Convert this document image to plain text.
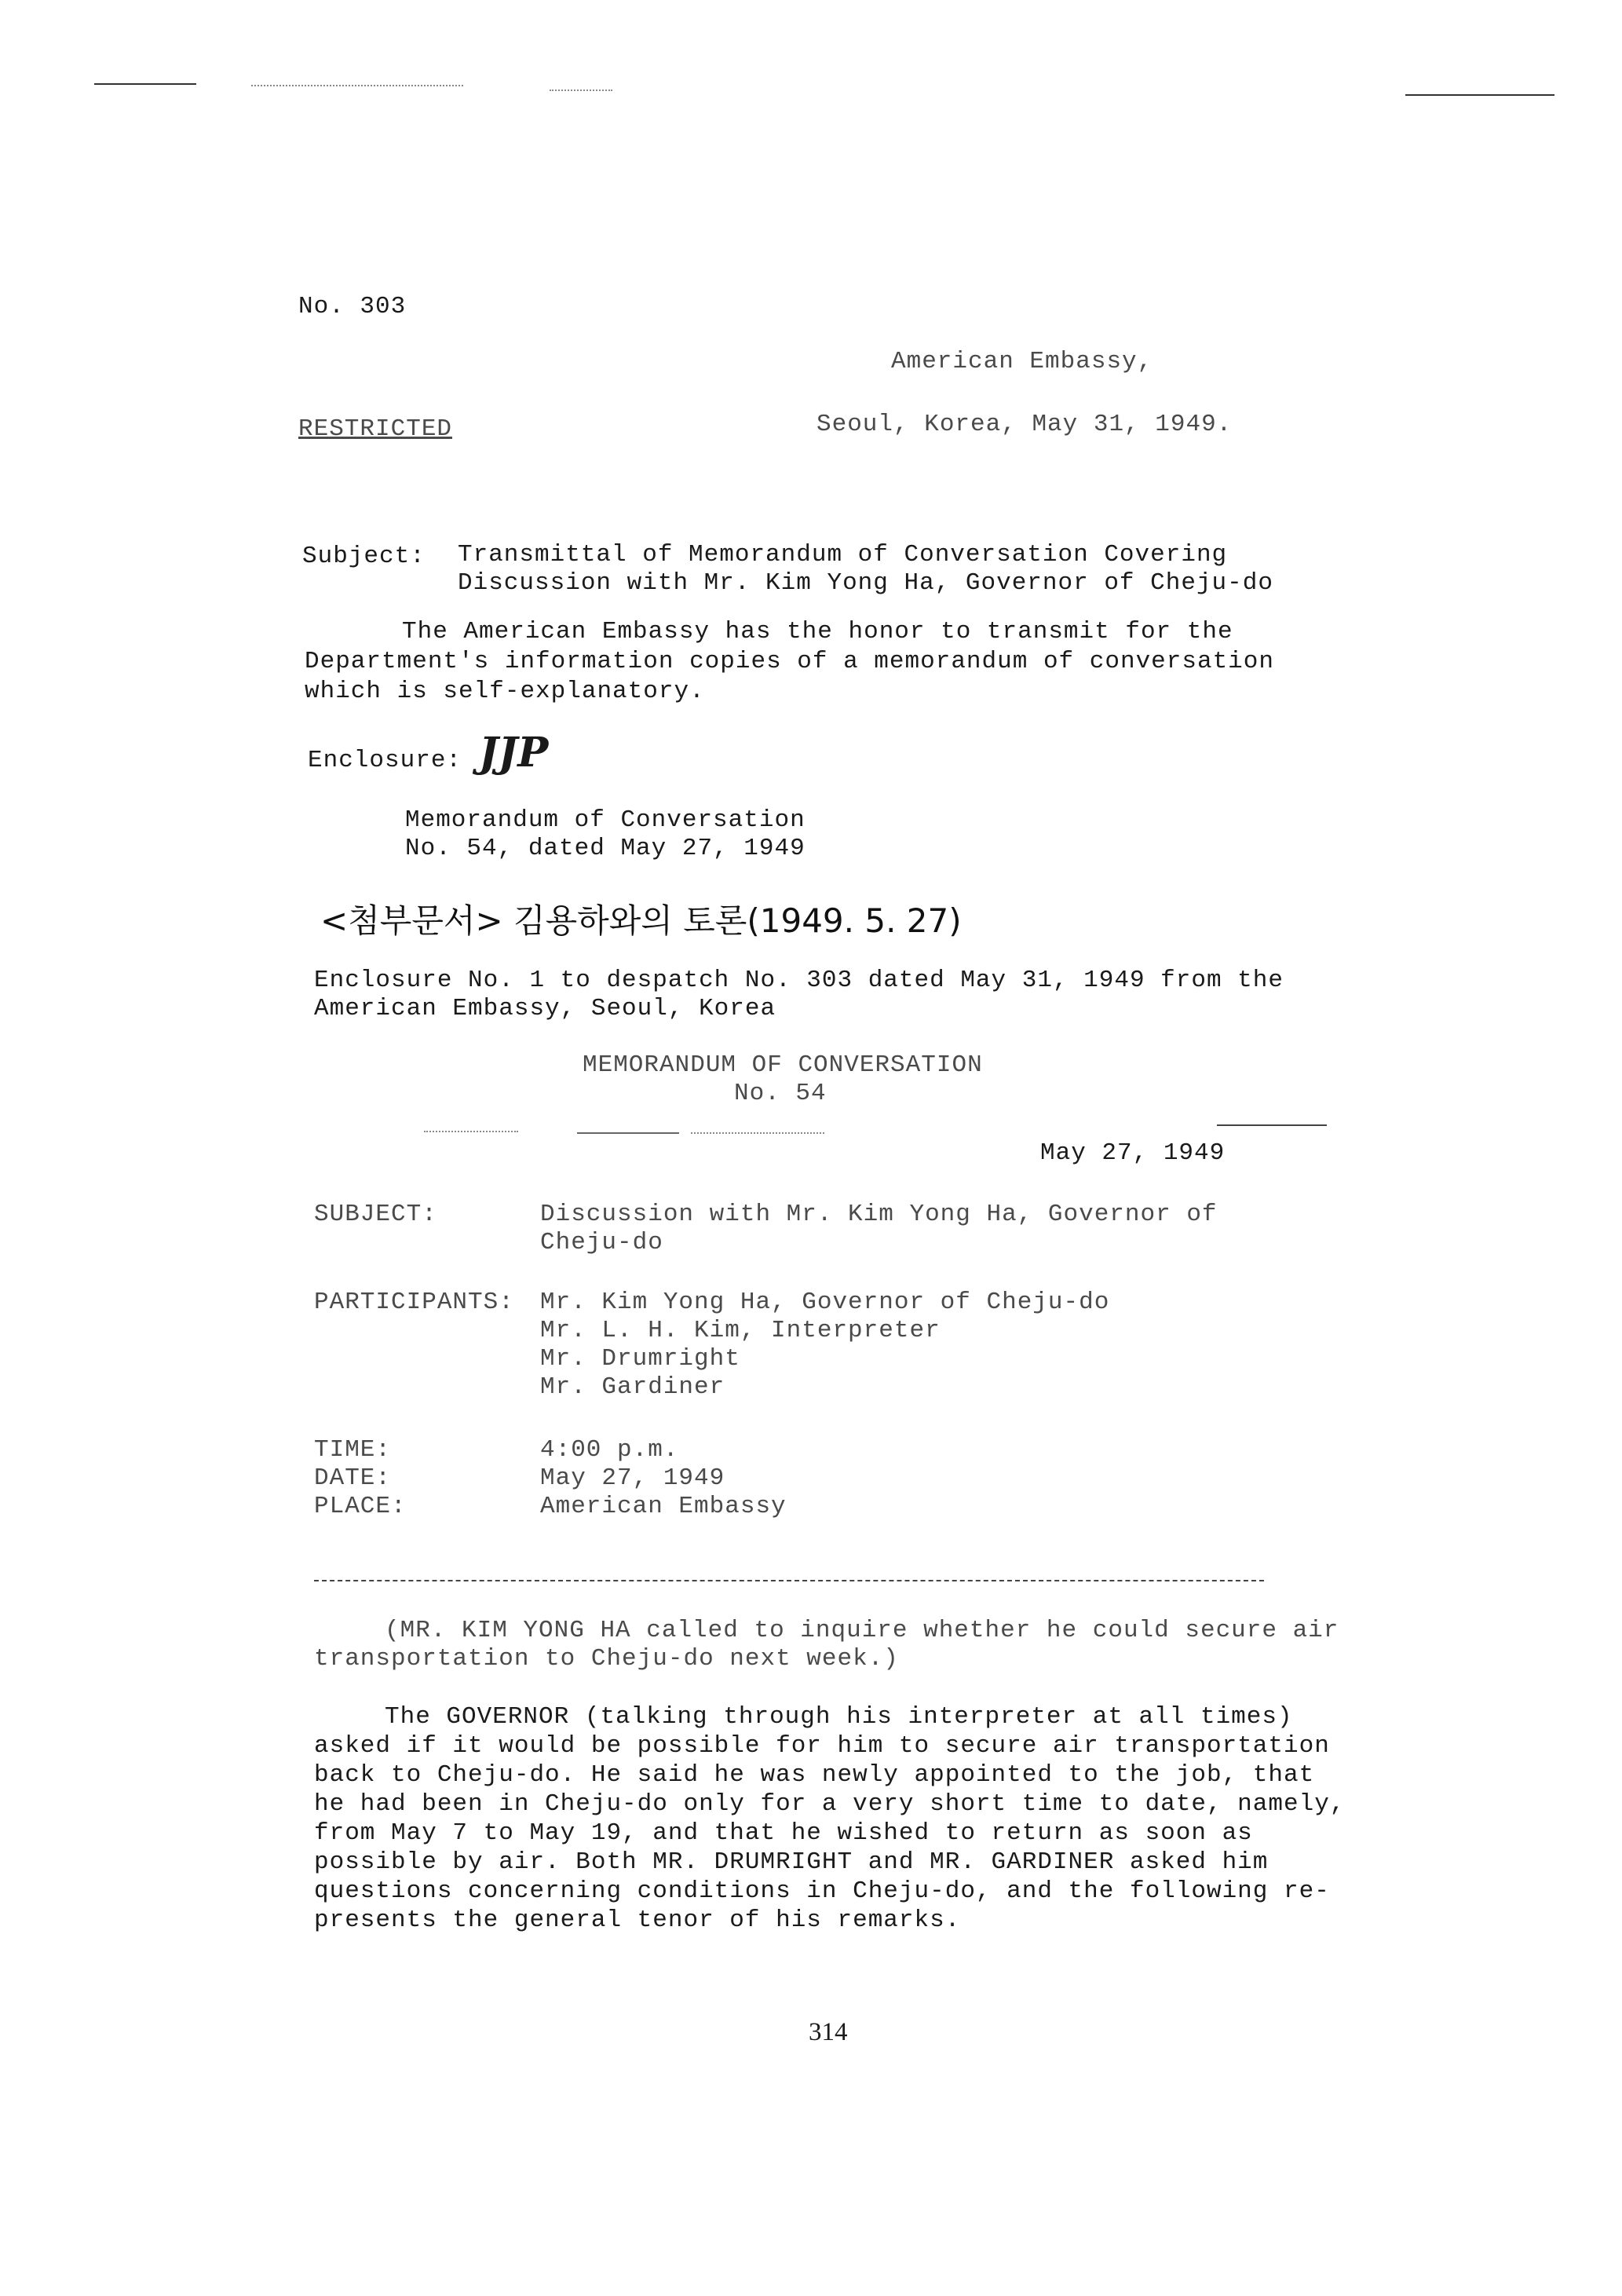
No. 303
American Embassy,
RESTRICTED	Seoul, Korea, May 31, 1949.
Subject: Transmittal of Memorandum of Conversation Covering
Discussion with Mr. Kim Yong Ha, Governor of Cheju-do
The American Embassy has the honor to transmit for the
Department's information copies of a memorandum of conversation
which is self-explanatory.
Enclosure: JJP
Memorandum of Conversation
No. 54, dated May 27, 1949
<첨부문서> 김용하와의 토론(1949. 5. 27)
Enclosure No. 1 to despatch No. 303 dated May 31, 1949 from the
American Embassy, Seoul, Korea
MEMORANDUM OF CONVERSATION
No. 54
May 27, 1949
SUBJECT:	Discussion with Mr. Kim Yong Ha, Governor of
Cheju-do
PARTICIPANTS: Mr. Kim Yong Ha, Governor of Cheju-do
Mr. L. H. Kim, Interpreter
Mr. Drumright
Mr. Gardiner
TIME:	4:00 p.m.
DATE:	May 27, 1949
PLACE:	American Embassy
(MR. KIM YONG HA called to inquire whether he could secure air
transportation to Cheju-do next week.)
The GOVERNOR (talking through his interpreter at all times)
asked if it would be possible for him to secure air transportation
back to Cheju-do. He said he was newly appointed to the job, that
he had been in Cheju-do only for a very short time to date, namely,
from May 7 to May 19, and that he wished to return as soon as
possible by air. Both MR. DRUMRIGHT and MR. GARDINER asked him
questions concerning conditions in Cheju-do, and the following re-
presents the general tenor of his remarks.
314
